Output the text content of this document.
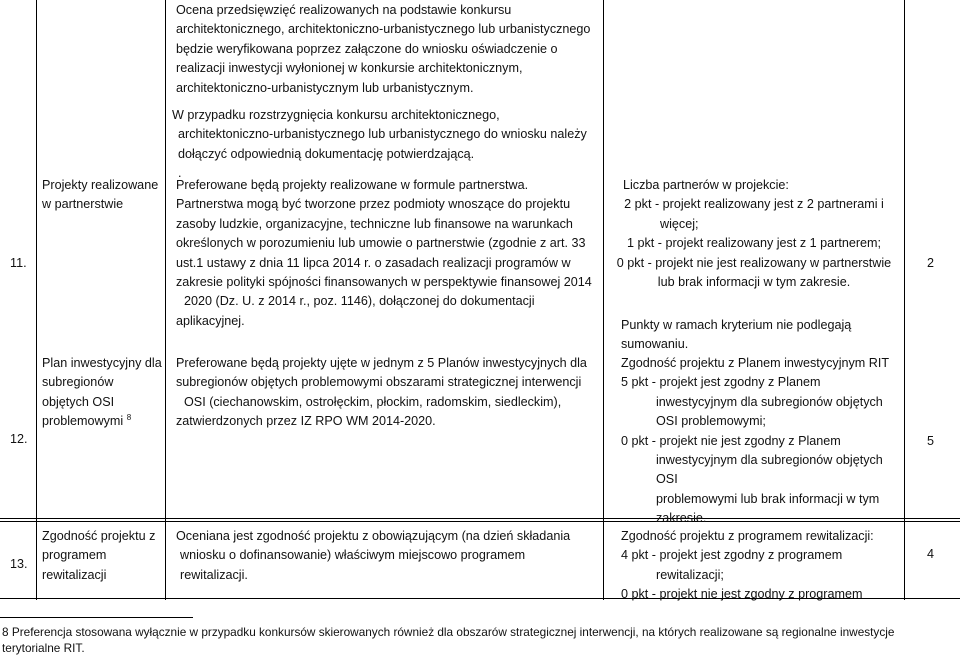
Ocena przedsięwzięć realizowanych na podstawie konkursu

architektonicznego, architektoniczno-urbanistycznego lub urbanistycznego

będzie weryfikowana poprzez załączone do wniosku oświadczenie o

realizacji inwestycji wyłonionej w konkursie architektonicznym,

architektoniczno-urbanistycznym lub urbanistycznym.

W przypadku rozstrzygnięcia konkursu architektonicznego,

architektoniczno-urbanistycznego lub urbanistycznego do wniosku należy

dołączyć odpowiednią dokumentację potwierdzającą.

.

11.

Projekty realizowane

w partnerstwie

Preferowane będą projekty realizowane w formule partnerstwa.

Partnerstwa mogą być tworzone przez podmioty wnoszące do projektu

zasoby ludzkie, organizacyjne, techniczne lub finansowe na warunkach

określonych w porozumieniu lub umowie o partnerstwie (zgodnie z art. 33

ust.1 ustawy z dnia 11 lipca 2014 r. o zasadach realizacji programów w

zakresie polityki spójności finansowanych w perspektywie finansowej 2014

2020 (Dz. U. z 2014 r., poz. 1146), dołączonej do dokumentacji

aplikacyjnej.

Liczba partnerów w projekcie:

2 pkt - projekt realizowany jest z 2 partnerami i

więcej;

1 pkt - projekt realizowany jest z 1 partnerem;

0 pkt - projekt nie jest realizowany w partnerstwie

lub brak informacji w tym zakresie.

2

Punkty w ramach kryterium nie podlegają

sumowaniu.

12.

Plan inwestycyjny dla

subregionów

objętych OSI

problemowymi $^8$

Preferowane będą projekty ujęte w jednym z 5 Planów inwestycyjnych dla

subregionów objętych problemowymi obszarami strategicznej interwencji

OSI (ciechanowskim, ostrołęckim, płockim, radomskim, siedleckim),

zatwierdzonych przez IZ RPO WM 2014-2020.

Zgodność projektu z Planem inwestycyjnym RIT

5 pkt - projekt jest zgodny z Planem

inwestycyjnym dla subregionów objętych

OSI problemowymi;

0 pkt - projekt nie jest zgodny z Planem

inwestycyjnym dla subregionów objętych OSI

problemowymi lub brak informacji w tym

zakresie.

5
13.

Zgodność projektu z

programem

rewitalizacji

Oceniana jest zgodność projektu z obowiązującym (na dzień składania

wniosku o dofinansowanie) właściwym miejscowo programem

rewitalizacji.

Zgodność projektu z programem rewitalizacji:

4 pkt - projekt jest zgodny z programem

rewitalizacji;

0 pkt - projekt nie jest zgodny z programem

4
8 Preferencja stosowana wyłącznie w przypadku konkursów skierowanych również dla obszarów strategicznej interwencji, na których realizowane są regionalne inwestycje
terytorialne RIT.
